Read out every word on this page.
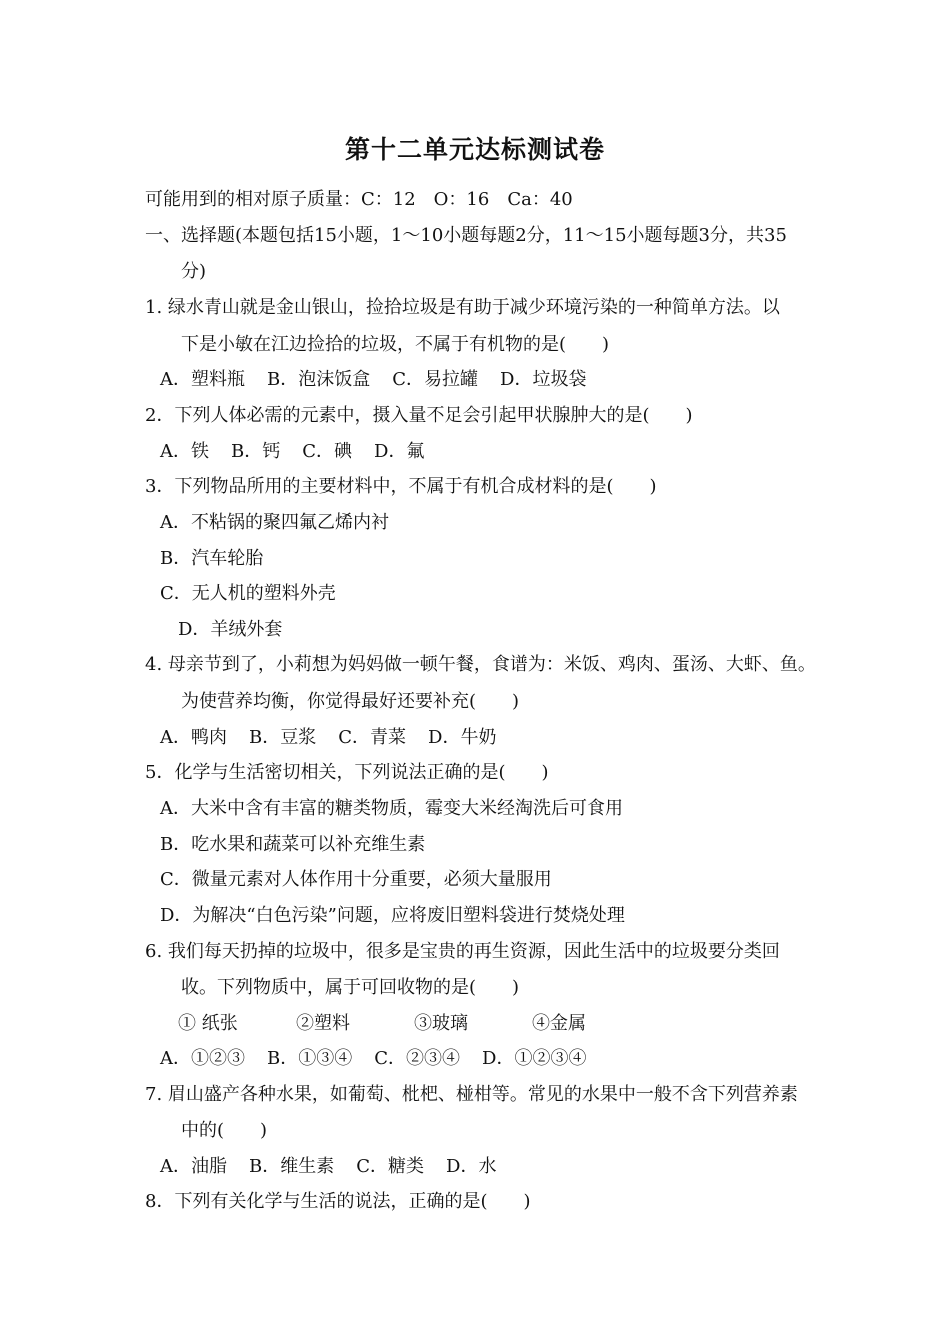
第十二单元达标测试卷
可能用到的相对原子质量：C：12　O：16　Ca：40
一、选择题(本题包括15小题，1～10小题每题2分，11～15小题每题3分，共35
分)
1. 绿水青山就是金山银山，捡拾垃圾是有助于减少环境污染的一种简单方法。以
下是小敏在江边捡拾的垃圾，不属于有机物的是(　　)
A．塑料瓶 B．泡沫饭盒 C．易拉罐 D．垃圾袋
2．下列人体必需的元素中，摄入量不足会引起甲状腺肿大的是(　　)
A．铁 B．钙 C．碘 D．氟
3．下列物品所用的主要材料中，不属于有机合成材料的是(　　)
A．不粘锅的聚四氟乙烯内衬
B．汽车轮胎
C．无人机的塑料外壳
D．羊绒外套
4. 母亲节到了，小莉想为妈妈做一顿午餐，食谱为：米饭、鸡肉、蛋汤、大虾、鱼。
为使营养均衡，你觉得最好还要补充(　　)
A．鸭肉 B．豆浆 C．青菜 D．牛奶
5．化学与生活密切相关，下列说法正确的是(　　)
A．大米中含有丰富的糖类物质，霉变大米经淘洗后可食用
B．吃水果和蔬菜可以补充维生素
C．微量元素对人体作用十分重要，必须大量服用
D．为解决“白色污染”问题，应将废旧塑料袋进行焚烧处理
6. 我们每天扔掉的垃圾中，很多是宝贵的再生资源，因此生活中的垃圾要分类回
收。下列物质中，属于可回收物的是(　　)
① 纸张	②塑料	③玻璃	④金属
A．①②③ B．①③④ C．②③④ D．①②③④
7. 眉山盛产各种水果，如葡萄、枇杷、椪柑等。常见的水果中一般不含下列营养素
中的(　　)
A．油脂 B．维生素 C．糖类 D．水
8．下列有关化学与生活的说法，正确的是(　　)
